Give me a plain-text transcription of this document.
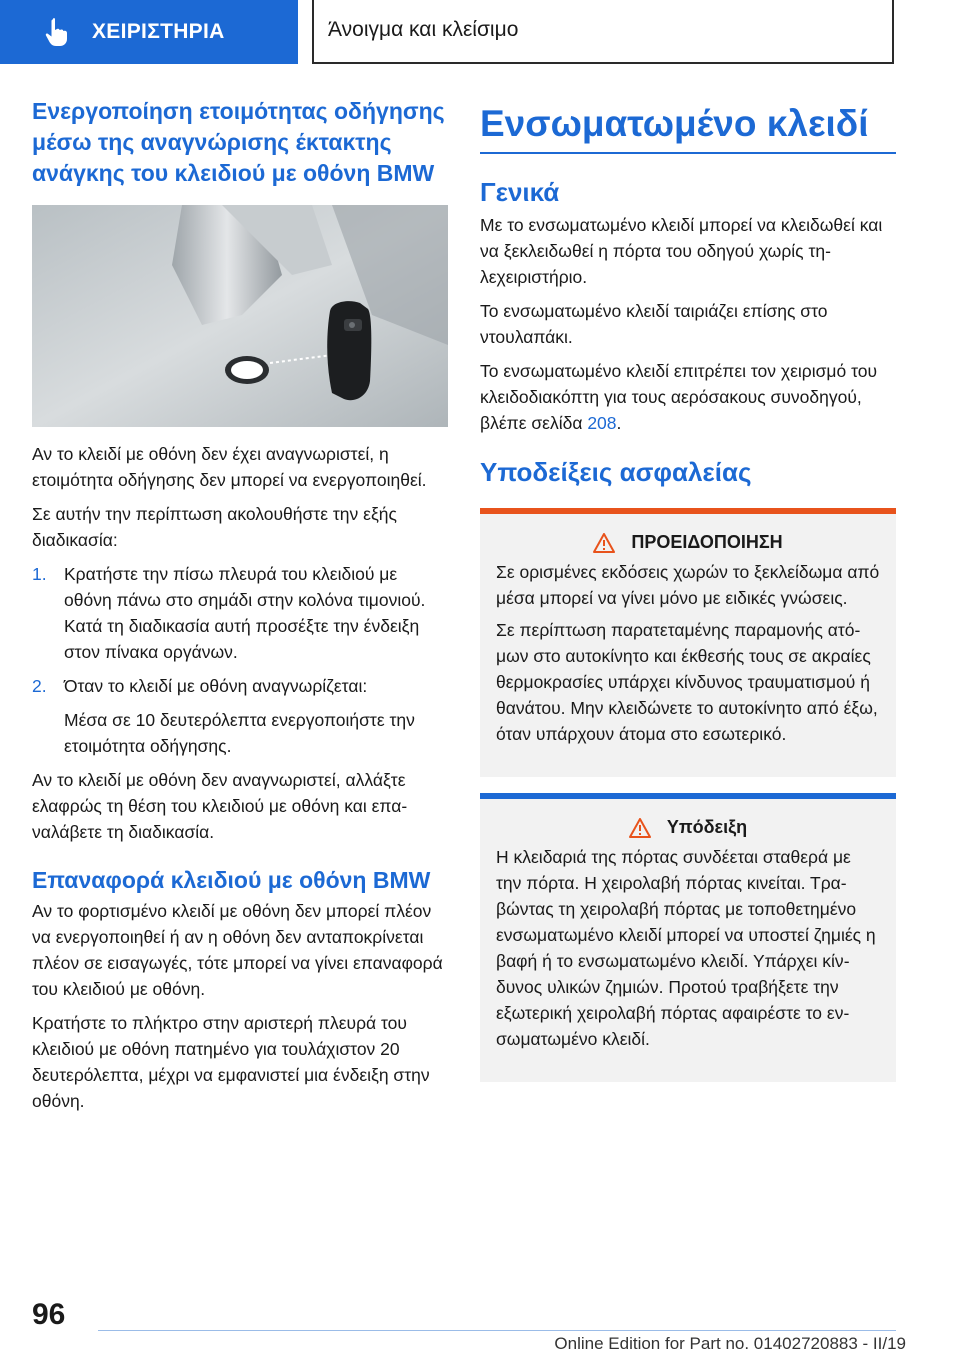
ΧΕΙΡΙΣΤΗΡΙΑ	Άνοιγμα και κλείσιμο
Ενεργοποίηση ετοιμότητας οδήγησης μέσω της αναγνώρισης έκτακτης ανάγκης του κλειδιού με οθόνη BMW

Αν το κλειδί με οθόνη δεν έχει αναγνωριστεί, η ετοιμότητα οδήγησης δεν μπορεί να ενεργοποιηθεί.

Σε αυτήν την περίπτωση ακολουθήστε την εξής διαδικασία:

1. Κρατήστε την πίσω πλευρά του κλειδιού με οθόνη πάνω στο σημάδι στην κολόνα τιμονιού. Κατά τη διαδικασία αυτή προσέξτε την ένδειξη στον πίνακα οργάνων.
2. Όταν το κλειδί με οθόνη αναγνωρίζεται:
Μέσα σε 10 δευτερόλεπτα ενεργοποιήστε την ετοιμότητα οδήγησης.

Αν το κλειδί με οθόνη δεν αναγνωριστεί, αλλάξτε ελαφρώς τη θέση του κλειδιού με οθόνη και επαναλάβετε τη διαδικασία.

Επαναφορά κλειδιού με οθόνη BMW

Αν το φορτισμένο κλειδί με οθόνη δεν μπορεί πλέον να ενεργοποιηθεί ή αν η οθόνη δεν ανταποκρίνεται πλέον σε εισαγωγές, τότε μπορεί να γίνει επαναφορά του κλειδιού με οθόνη.

Κρατήστε το πλήκτρο στην αριστερή πλευρά του κλειδιού με οθόνη πατημένο για τουλάχιστον 20 δευτερόλεπτα, μέχρι να εμφανιστεί μια ένδειξη στην οθόνη.

Ενσωματωμένο κλειδί
Γενικά

Με το ενσωματωμένο κλειδί μπορεί να κλειδωθεί και να ξεκλειδωθεί η πόρτα του οδηγού χωρίς τηλεχειριστήριο.

Το ενσωματωμένο κλειδί ταιριάζει επίσης στο ντουλαπάκι.

Το ενσωματωμένο κλειδί επιτρέπει τον χειρισμό του κλειδοδιακόπτη για τους αερόσακους συνοδηγού, βλέπε σελίδα 208.

Υποδείξεις ασφαλείας
ΠΡΟΕΙΔΟΠΟΙΗΣΗ

Σε ορισμένες εκδόσεις χωρών το ξεκλείδωμα από μέσα μπορεί να γίνει μόνο με ειδικές γνώσεις.

Σε περίπτωση παρατεταμένης παραμονής ατόμων στο αυτοκίνητο και έκθεσής τους σε ακραίες θερμοκρασίες υπάρχει κίνδυνος τραυματισμού ή θανάτου. Μην κλειδώνετε το αυτοκίνητο από έξω, όταν υπάρχουν άτομα στο εσωτερικό.

Υπόδειξη

Η κλειδαριά της πόρτας συνδέεται σταθερά με την πόρτα. Η χειρολαβή πόρτας κινείται. Τραβώντας τη χειρολαβή πόρτας με τοποθετημένο ενσωματωμένο κλειδί μπορεί να υποστεί ζημιές η βαφή ή το ενσωματωμένο κλειδί. Υπάρχει κίνδυνος υλικών ζημιών. Προτού τραβήξετε την εξωτερική χειρολαβή πόρτας αφαιρέστε το ενσωματωμένο κλειδί.

96
Online Edition for Part no. 01402720883 - II/19
